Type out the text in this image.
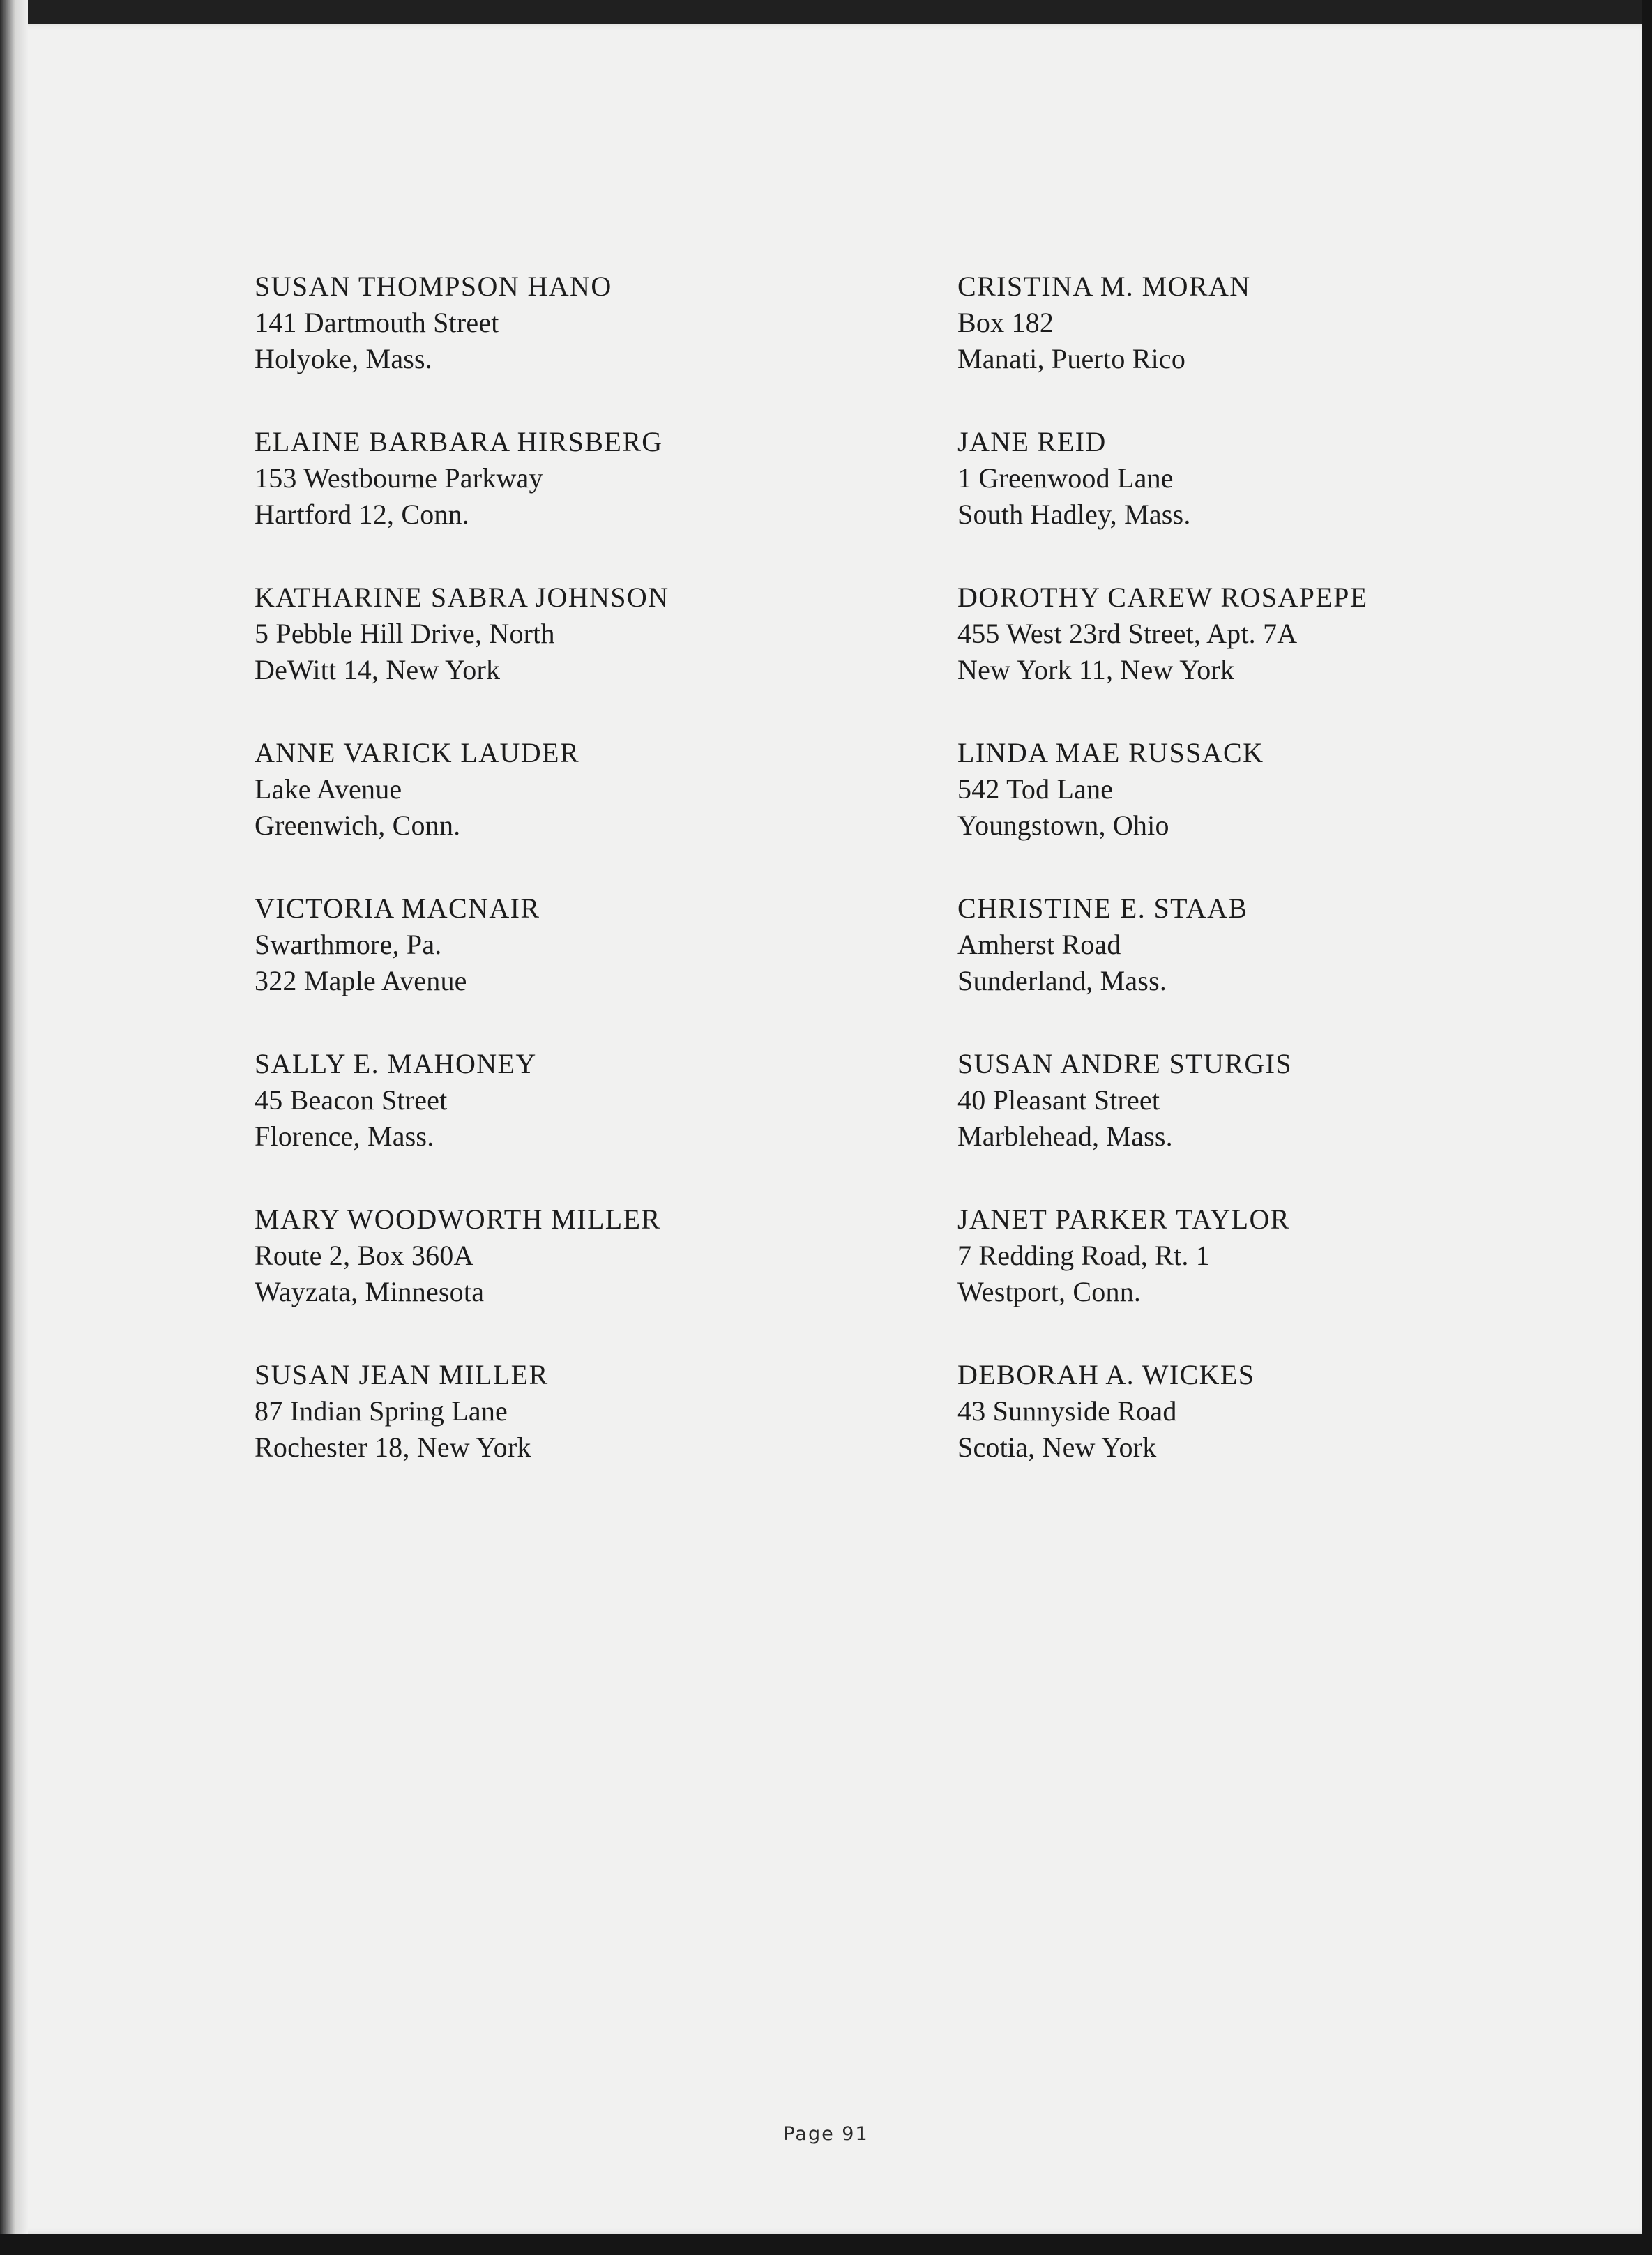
SUSAN THOMPSON HANO
141 Dartmouth Street
Holyoke, Mass.
ELAINE BARBARA HIRSBERG
153 Westbourne Parkway
Hartford 12, Conn.
KATHARINE SABRA JOHNSON
5 Pebble Hill Drive, North
DeWitt 14, New York
ANNE VARICK LAUDER
Lake Avenue
Greenwich, Conn.
VICTORIA MACNAIR
Swarthmore, Pa.
322 Maple Avenue
SALLY E. MAHONEY
45 Beacon Street
Florence, Mass.
MARY WOODWORTH MILLER
Route 2, Box 360A
Wayzata, Minnesota
SUSAN JEAN MILLER
87 Indian Spring Lane
Rochester 18, New York
CRISTINA M. MORAN
Box 182
Manati, Puerto Rico
JANE REID
1 Greenwood Lane
South Hadley, Mass.
DOROTHY CAREW ROSAPEPE
455 West 23rd Street, Apt. 7A
New York 11, New York
LINDA MAE RUSSACK
542 Tod Lane
Youngstown, Ohio
CHRISTINE E. STAAB
Amherst Road
Sunderland, Mass.
SUSAN ANDRE STURGIS
40 Pleasant Street
Marblehead, Mass.
JANET PARKER TAYLOR
7 Redding Road, Rt. 1
Westport, Conn.
DEBORAH A. WICKES
43 Sunnyside Road
Scotia, New York
Page 91
